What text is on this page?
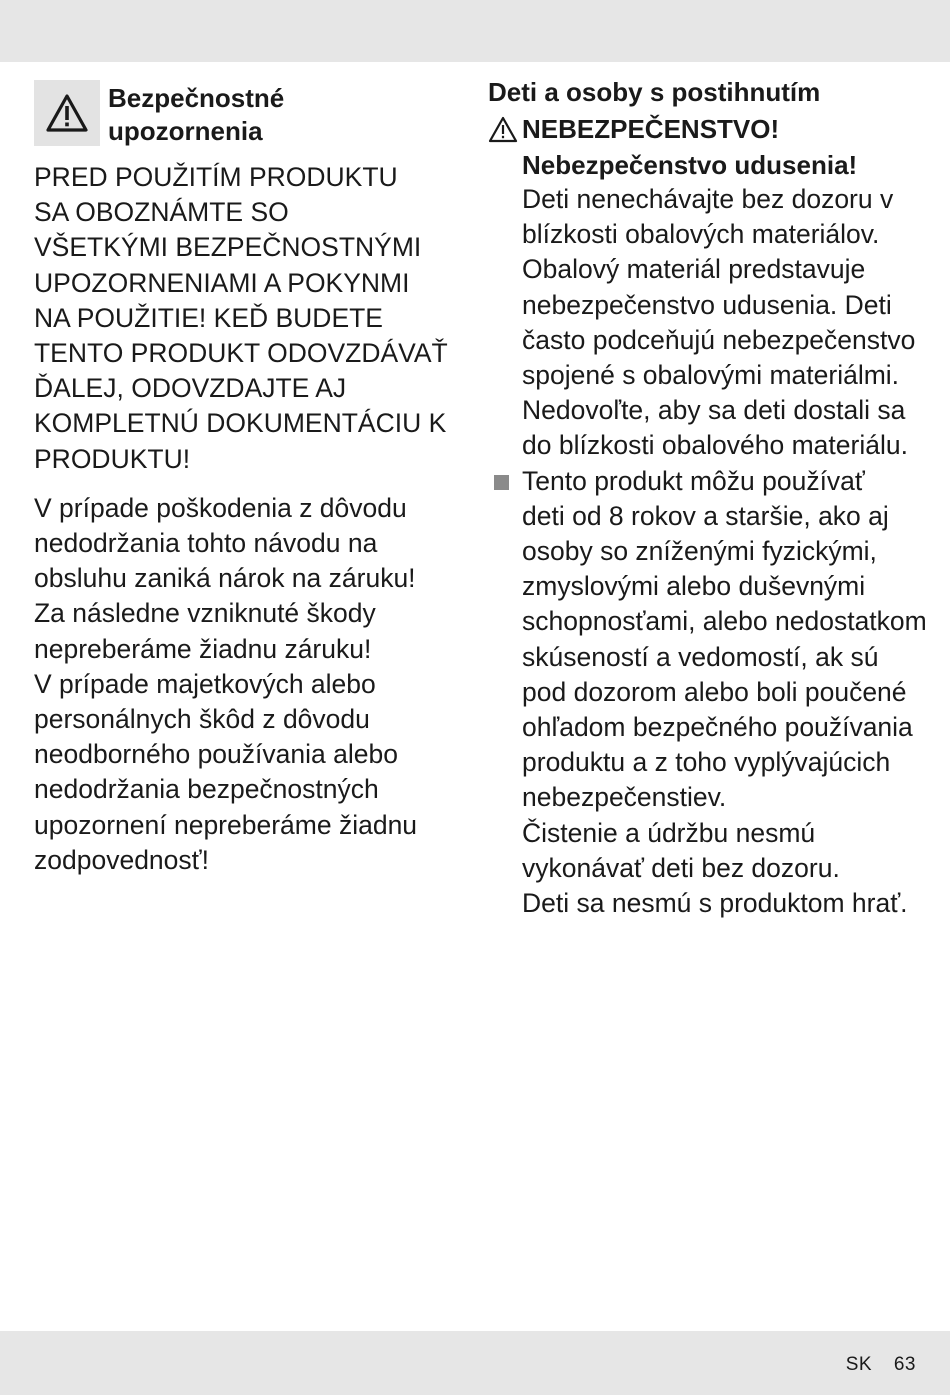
Bezpečnostné
upozornenia
PRED POUŽITÍM PRODUKTU
SA OBOZNÁMTE SO
VŠETKÝMI BEZPEČNOSTNÝMI
UPOZORNENIAMI A POKYNMI
NA POUŽITIE! KEĎ BUDETE
TENTO PRODUKT ODOVZDÁVAŤ
ĎALEJ, ODOVZDAJTE AJ
KOMPLETNÚ DOKUMENTÁCIU K
PRODUKTU!
V prípade poškodenia z dôvodu
nedodržania tohto návodu na
obsluhu zaniká nárok na záruku!
Za následne vzniknuté škody
nepreberáme žiadnu záruku!
V prípade majetkových alebo
personálnych škôd z dôvodu
neodborného používania alebo
nedodržania bezpečnostných
upozornení nepreberáme žiadnu
zodpovednosť!
Deti a osoby s postihnutím
NEBEZPEČENSTVO!
Nebezpečenstvo udusenia!
Deti nenechávajte bez dozoru v
blízkosti obalových materiálov.
Obalový materiál predstavuje
nebezpečenstvo udusenia. Deti
často podceňujú nebezpečenstvo
spojené s obalovými materiálmi.
Nedovoľte, aby sa deti dostali sa
do blízkosti obalového materiálu.
Tento produkt môžu používať
deti od 8 rokov a staršie, ako aj
osoby so zníženými fyzickými,
zmyslovými alebo duševnými
schopnosťami, alebo nedostatkom
skúseností a vedomostí, ak sú
pod dozorom alebo boli poučené
ohľadom bezpečného používania
produktu a z toho vyplývajúcich
nebezpečenstiev.
Čistenie a údržbu nesmú
vykonávať deti bez dozoru.
Deti sa nesmú s produktom hrať.
SK 63
